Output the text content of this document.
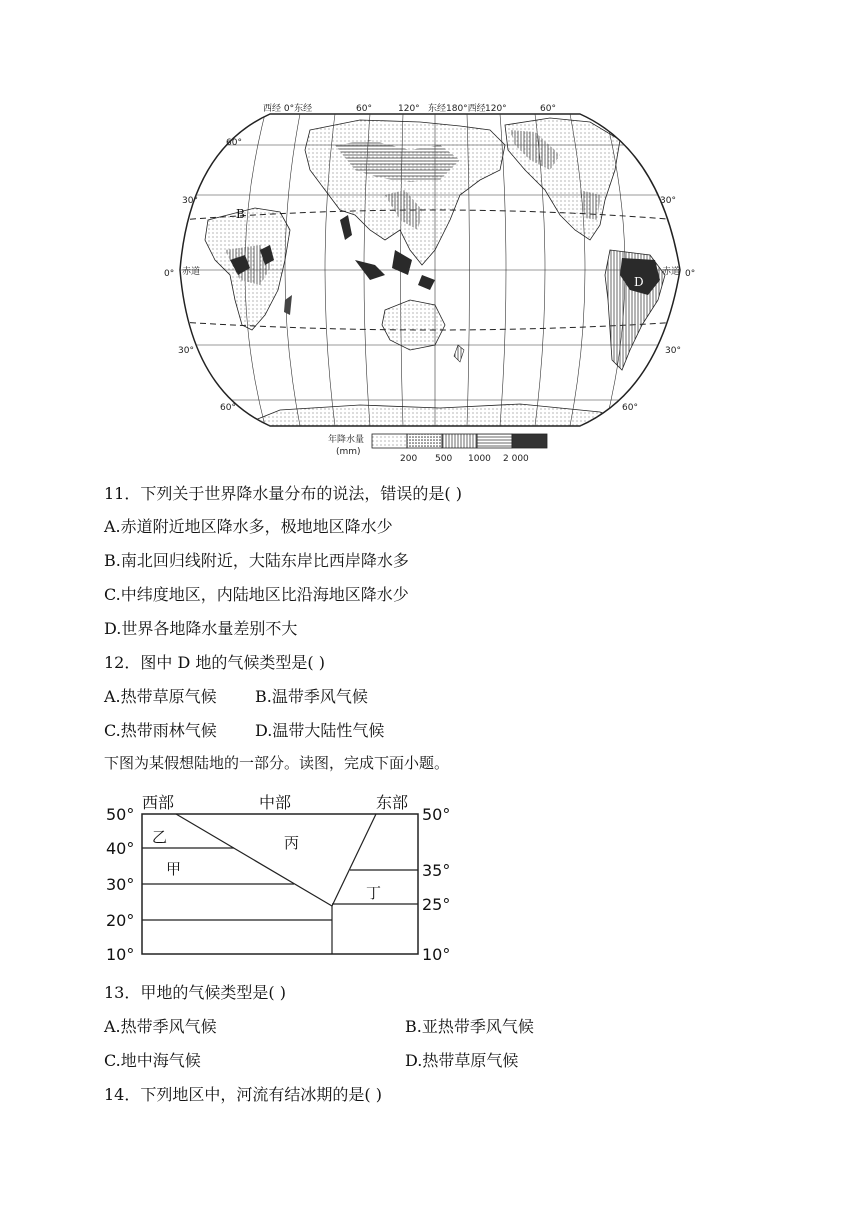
西经 0°东经	60°	120° 东经180°西经 120°	60°
60°
30°
0°
30°
60°
30°
0°
30°
60°
赤道	赤道
B
D
年降水量
(mm)
200 500 1000 2 000
11．下列关于世界降水量分布的说法，错误的是( )
A.赤道附近地区降水多，极地地区降水少
B.南北回归线附近，大陆东岸比西岸降水多
C.中纬度地区，内陆地区比沿海地区降水少
D.世界各地降水量差别不大
12．图中 D 地的气候类型是( )
A.热带草原气候 B.温带季风气候
C.热带雨林气候 D.温带大陆性气候
下图为某假想陆地的一部分。读图，完成下面小题。
西部	中部	东部
50°
40°
30°
20°
10°
50°
35°
25°
10°
乙
甲
丙
丁
13．甲地的气候类型是( )
A.热带季风气候	B.亚热带季风气候
C.地中海气候	D.热带草原气候
14．下列地区中，河流有结冰期的是( )
